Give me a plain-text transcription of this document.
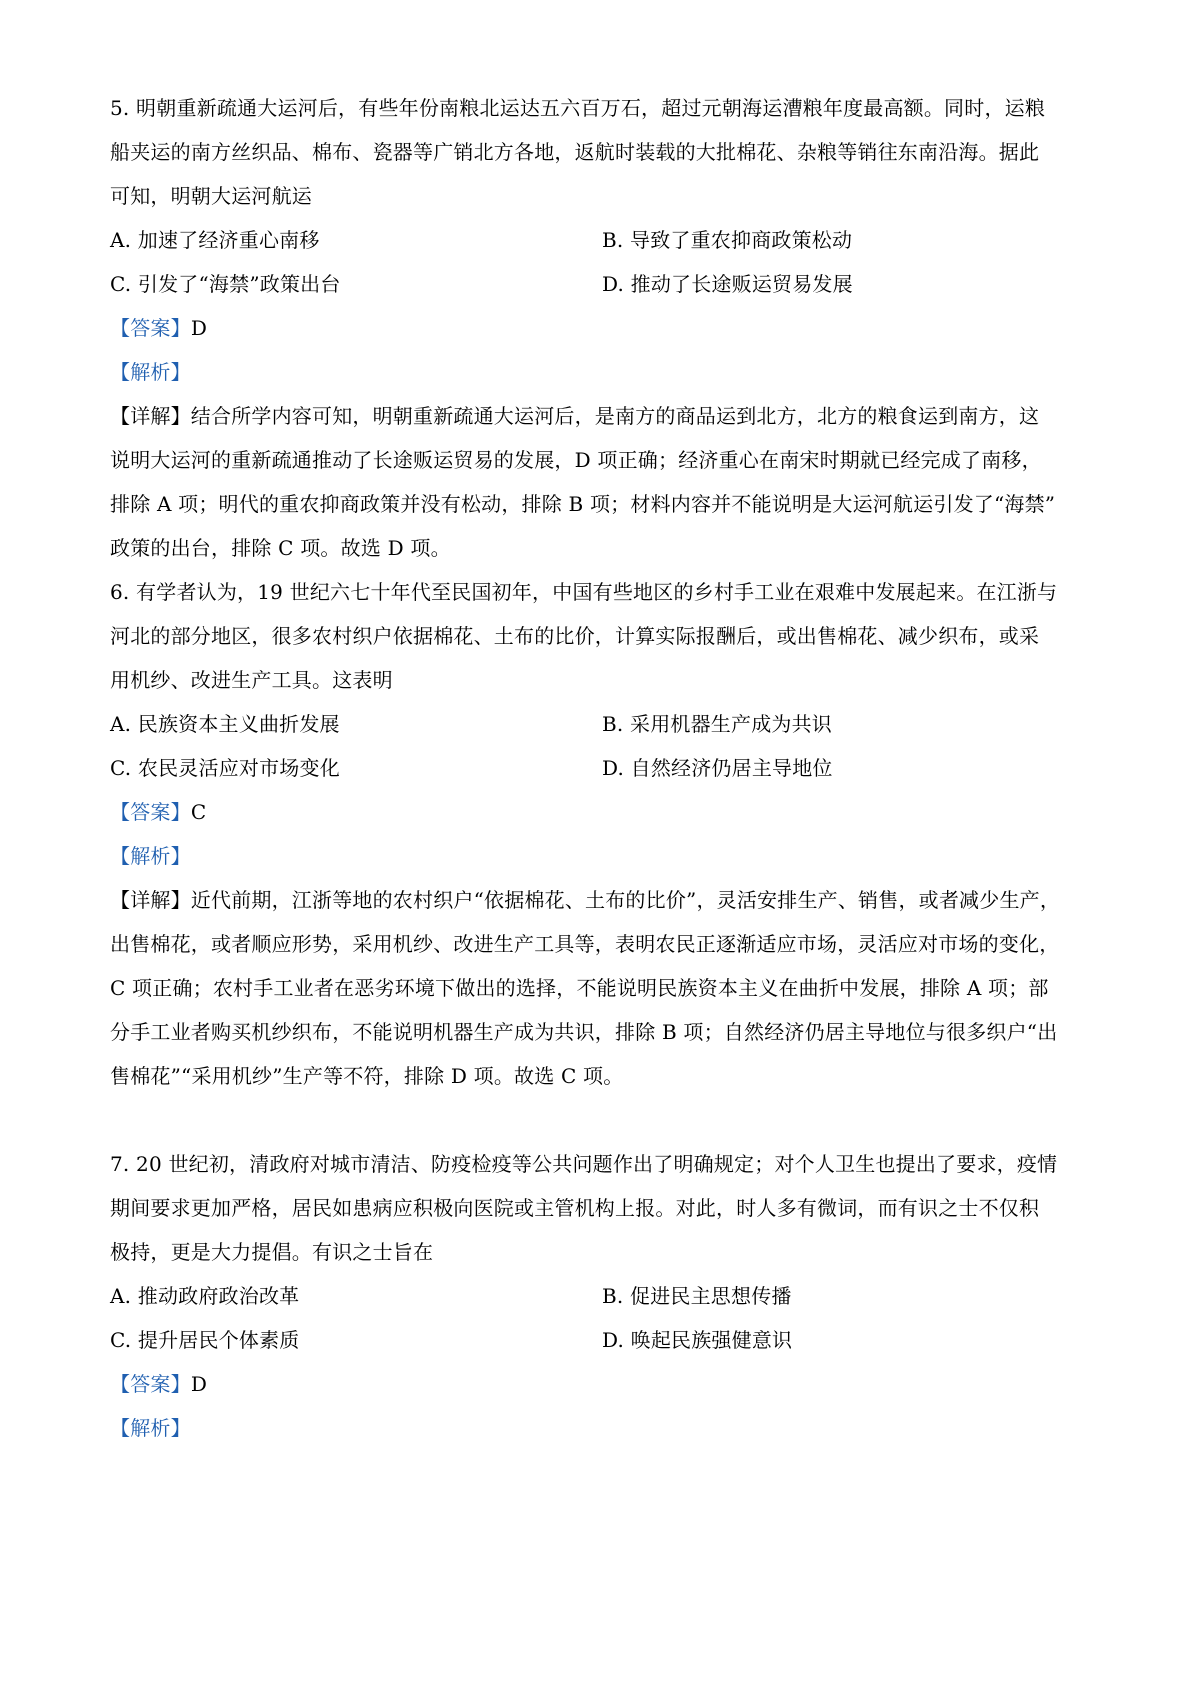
5. 明朝重新疏通大运河后，有些年份南粮北运达五六百万石，超过元朝海运漕粮年度最高额。同时，运粮
船夹运的南方丝织品、棉布、瓷器等广销北方各地，返航时装载的大批棉花、杂粮等销往东南沿海。据此
可知，明朝大运河航运
A. 加速了经济重心南移	B. 导致了重农抑商政策松动
C. 引发了“海禁”政策出台	D. 推动了长途贩运贸易发展
【答案】D
【解析】
【详解】结合所学内容可知，明朝重新疏通大运河后，是南方的商品运到北方，北方的粮食运到南方，这
说明大运河的重新疏通推动了长途贩运贸易的发展，D 项正确；经济重心在南宋时期就已经完成了南移，
排除 A 项；明代的重农抑商政策并没有松动，排除 B 项；材料内容并不能说明是大运河航运引发了“海禁”
政策的出台，排除 C 项。故选 D 项。
6. 有学者认为，19 世纪六七十年代至民国初年，中国有些地区的乡村手工业在艰难中发展起来。在江浙与
河北的部分地区，很多农村织户依据棉花、土布的比价，计算实际报酬后，或出售棉花、减少织布，或采
用机纱、改进生产工具。这表明
A. 民族资本主义曲折发展	B. 采用机器生产成为共识
C. 农民灵活应对市场变化	D. 自然经济仍居主导地位
【答案】C
【解析】
【详解】近代前期，江浙等地的农村织户“依据棉花、土布的比价”，灵活安排生产、销售，或者减少生产，
出售棉花，或者顺应形势，采用机纱、改进生产工具等，表明农民正逐渐适应市场，灵活应对市场的变化，
C 项正确；农村手工业者在恶劣环境下做出的选择，不能说明民族资本主义在曲折中发展，排除 A 项；部
分手工业者购买机纱织布，不能说明机器生产成为共识，排除 B 项；自然经济仍居主导地位与很多织户“出
售棉花”“采用机纱”生产等不符，排除 D 项。故选 C 项。
7. 20 世纪初，清政府对城市清洁、防疫检疫等公共问题作出了明确规定；对个人卫生也提出了要求，疫情
期间要求更加严格，居民如患病应积极向医院或主管机构上报。对此，时人多有微词，而有识之士不仅积
极持，更是大力提倡。有识之士旨在
A. 推动政府政治改革	B. 促进民主思想传播
C. 提升居民个体素质	D. 唤起民族强健意识
【答案】D
【解析】
